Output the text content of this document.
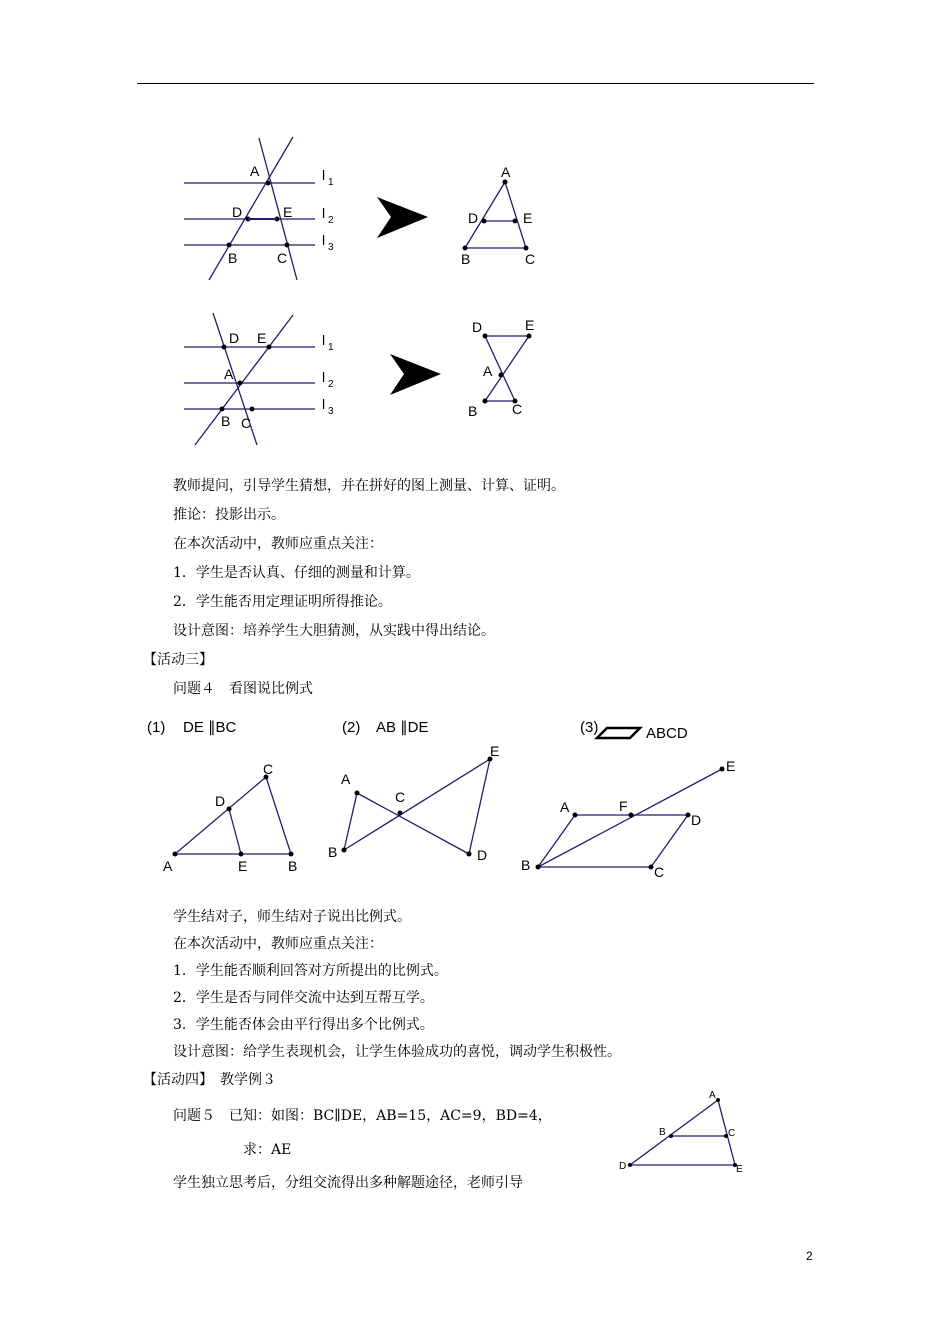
A
D	E
B	C
l 1
l 2
l 3
A
D	E
B	C
D E
A
B C
l 1
l 2
l 3
D	E
A
B C
教师提问，引导学生猜想，并在拼好的图上测量、计算、证明。
推论：投影出示。
在本次活动中，教师应重点关注：
1．学生是否认真、仔细的测量和计算。
2．学生能否用定理证明所得推论。
设计意图：培养学生大胆猜测，从实践中得出结论。
【活动三】
问题４　看图说比例式
(1) DE ∥BC
A	B
C
D
E
(2) AB ∥DE
A
B
C
D
E
(3)	ABCD
A
B	C
D
E
F
学生结对子，师生结对子说出比例式。
在本次活动中，教师应重点关注：
1．学生能否顺利回答对方所提出的比例式。
2．学生是否与同伴交流中达到互帮互学。
3．学生能否体会由平行得出多个比例式。
设计意图：给学生表现机会，让学生体验成功的喜悦，调动学生积极性。
【活动四】　教学例３
问题５　已知：如图：BC∥DE，AB=15，AC=9，BD=4，
求：AE
学生独立思考后，分组交流得出多种解题途径，老师引导
A
B	C
D	E
2
